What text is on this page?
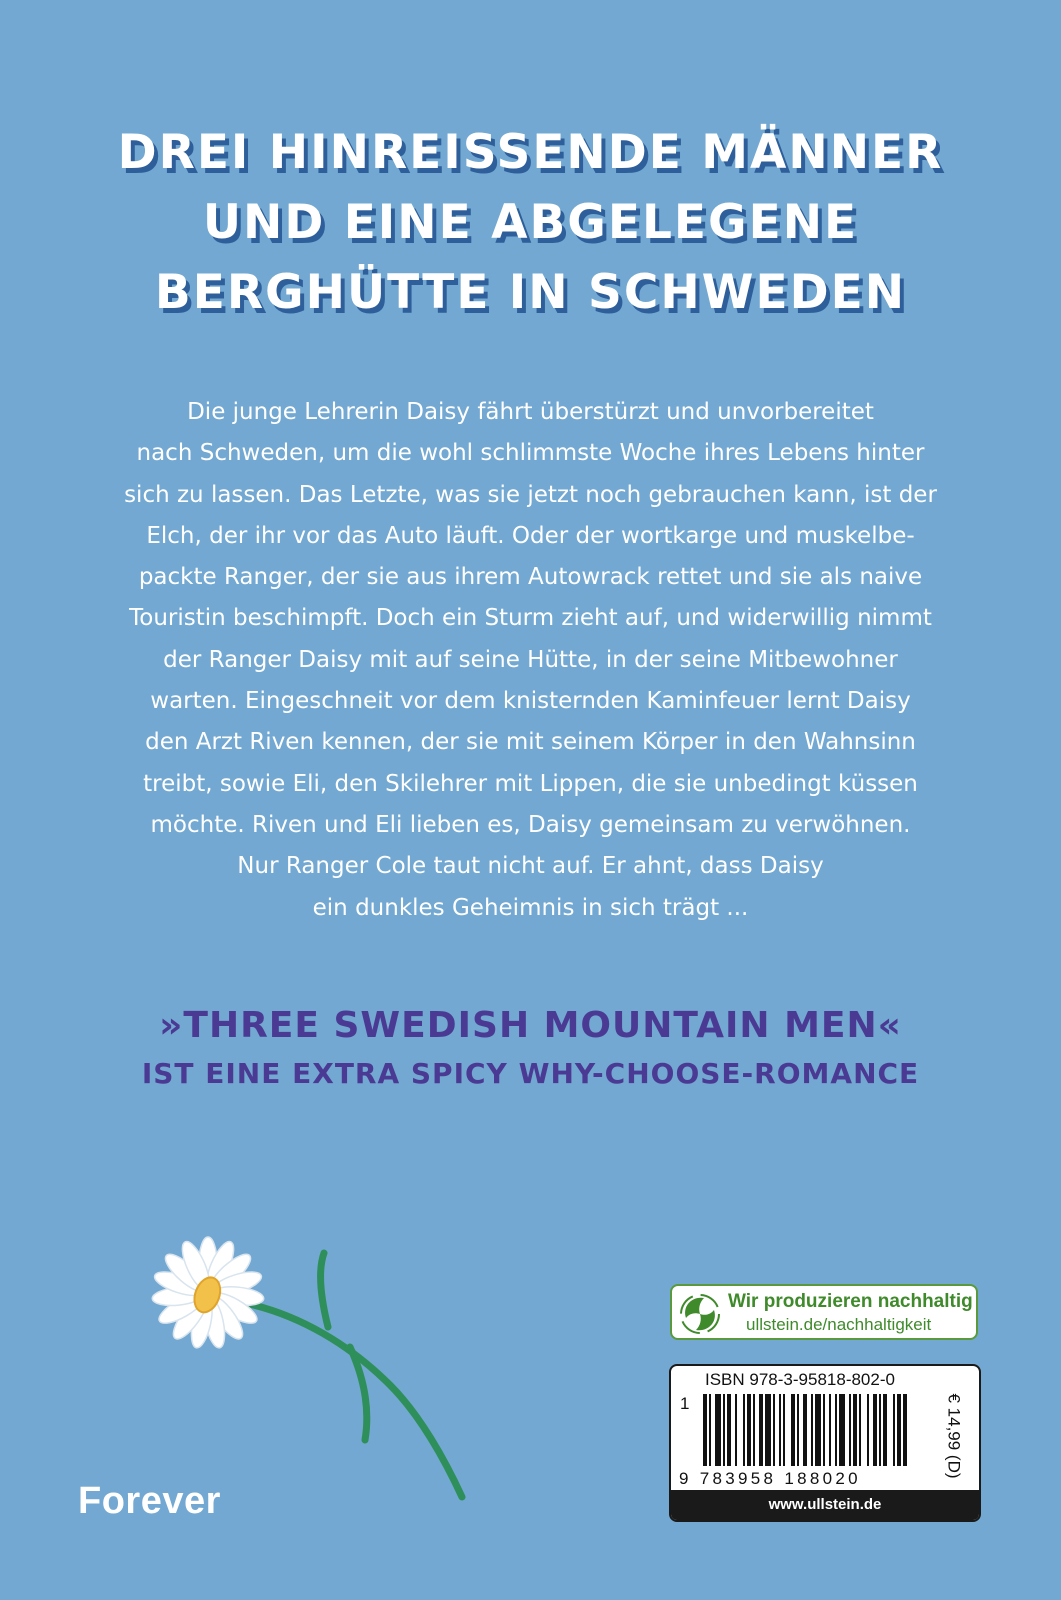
DREI HINREISSENDE MÄNNER
UND EINE ABGELEGENE
BERGHÜTTE IN SCHWEDEN
Die junge Lehrerin Daisy fährt überstürzt und unvorbereitet
nach Schweden, um die wohl schlimmste Woche ihres Lebens hinter
sich zu lassen. Das Letzte, was sie jetzt noch gebrauchen kann, ist der
Elch, der ihr vor das Auto läuft. Oder der wortkarge und muskelbe-
packte Ranger, der sie aus ihrem Autowrack rettet und sie als naive
Touristin beschimpft. Doch ein Sturm zieht auf, und widerwillig nimmt
der Ranger Daisy mit auf seine Hütte, in der seine Mitbewohner
warten. Eingeschneit vor dem knisternden Kaminfeuer lernt Daisy
den Arzt Riven kennen, der sie mit seinem Körper in den Wahnsinn
treibt, sowie Eli, den Skilehrer mit Lippen, die sie unbedingt küssen
möchte. Riven und Eli lieben es, Daisy gemeinsam zu verwöhnen.
Nur Ranger Cole taut nicht auf. Er ahnt, dass Daisy
ein dunkles Geheimnis in sich trägt ...
»THREE SWEDISH MOUNTAIN MEN«
IST EINE EXTRA SPICY WHY-CHOOSE-ROMANCE
Forever
Wir produzieren nachhaltig
ullstein.de/nachhaltigkeit
ISBN 978-3-95818-802-0
1
9 783958 188020	€ 14,99 (D)
www.ullstein.de
